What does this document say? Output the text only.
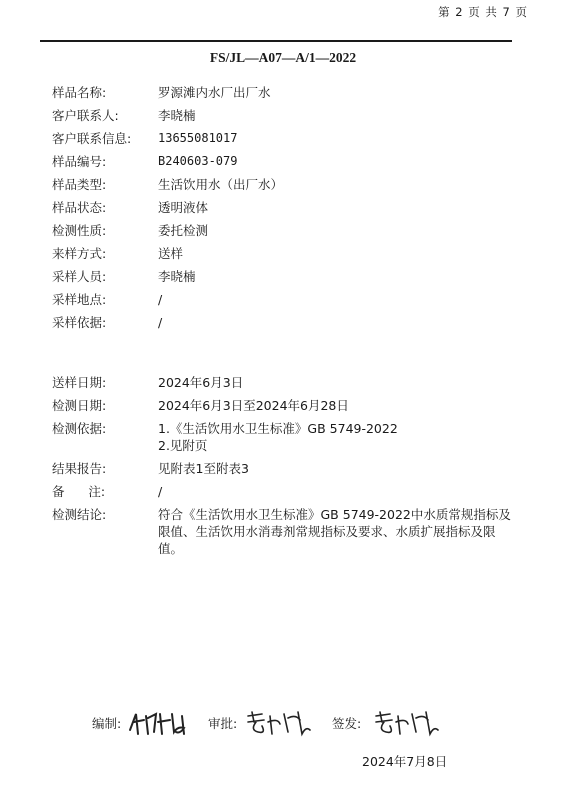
第 2 页 共 7 页
FS/JL—A07—A/1—2022
样品名称:	罗源滩内水厂出厂水
客户联系人:	李晓楠
客户联系信息:	13655081017
样品编号:	B240603-079
样品类型:	生活饮用水（出厂水）
样品状态:	透明液体
检测性质:	委托检测
来样方式:	送样
采样人员:	李晓楠
采样地点:	/
采样依据:	/
送样日期:	2024年6月3日
检测日期:	2024年6月3日至2024年6月28日
检测依据:	1.《生活饮用水卫生标准》GB 5749-2022
2.见附页
结果报告:	见附表1至附表3
备      注:	/
检测结论:	符合《生活饮用水卫生标准》GB 5749-2022中水质常规指标及限值、生活饮用水消毒剂常规指标及要求、水质扩展指标及限值。
编制:	审批:	签发:
2024年7月8日
